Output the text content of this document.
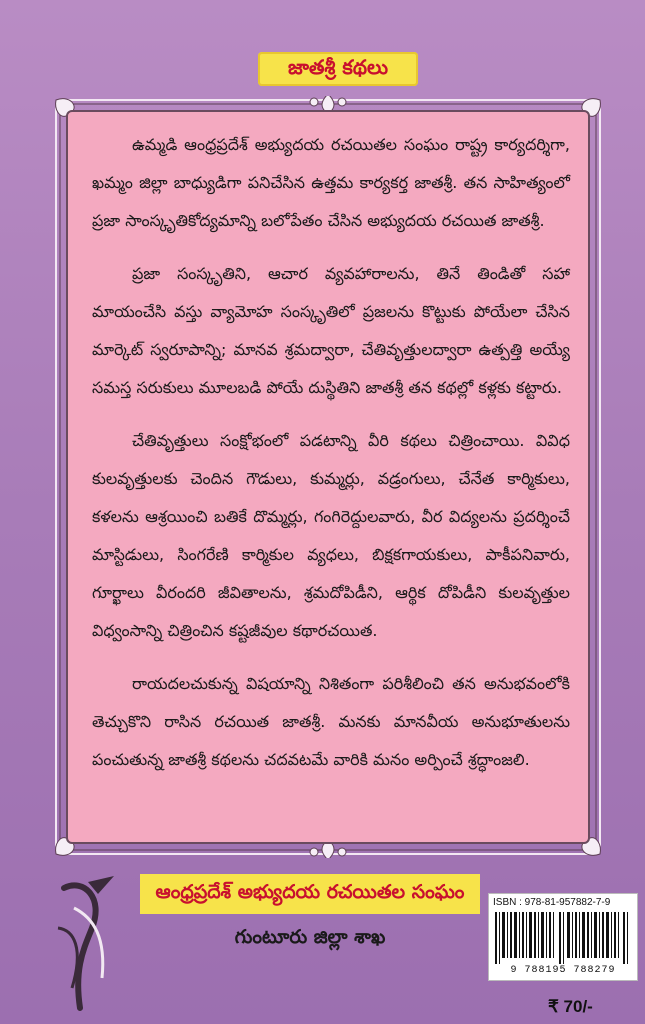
జాతశ్రీ కథలు

ఉమ్మడి ఆంధ్రప్రదేశ్ అభ్యుదయ రచయితల సంఘం రాష్ట్ర కార్యదర్శిగా, ఖమ్మం జిల్లా బాధ్యుడిగా పనిచేసిన ఉత్తమ కార్యకర్త జాతశ్రీ. తన సాహిత్యంలో ప్రజా సాంస్కృతికోద్యమాన్ని బలోపేతం చేసిన అభ్యుదయ రచయిత జాతశ్రీ.

ప్రజా సంస్కృతిని, ఆచార వ్యవహారాలను, తినే తిండితో సహా మాయంచేసి వస్తు వ్యామోహ సంస్కృతిలో ప్రజలను కొట్టుకు పోయేలా చేసిన మార్కెట్ స్వరూపాన్ని; మానవ శ్రమద్వారా, చేతివృత్తులద్వారా ఉత్పత్తి అయ్యే సమస్త సరుకులు మూలబడి పోయే దుస్థితిని జాతశ్రీ తన కథల్లో కళ్లకు కట్టారు.

చేతివృత్తులు సంక్షోభంలో పడటాన్ని వీరి కథలు చిత్రించాయి. వివిధ కులవృత్తులకు చెందిన గౌడులు, కుమ్మర్లు, వడ్రంగులు, చేనేత కార్మికులు, కళలను ఆశ్రయించి బతికే దొమ్మర్లు, గంగిరెద్దులవారు, వీర విద్యలను ప్రదర్శించే మాస్టిడులు, సింగరేణి కార్మికుల వ్యధలు, బిక్షకగాయకులు, పాకీపనివారు, గూర్ఖాలు వీరందరి జీవితాలను, శ్రమదోపిడీని, ఆర్థిక దోపిడీని కులవృత్తుల విధ్వంసాన్ని చిత్రించిన కష్టజీవుల కథారచయిత.

రాయదలచుకున్న విషయాన్ని నిశితంగా పరిశీలించి తన అనుభవంలోకి తెచ్చుకొని రాసిన రచయిత జాతశ్రీ. మనకు మానవీయ అనుభూతులను పంచుతున్న జాతశ్రీ కథలను చదవటమే వారికి మనం అర్పించే శ్రద్ధాంజలి.

ఆంధ్రప్రదేశ్ అభ్యుదయ రచయితల సంఘం
గుంటూరు జిల్లా శాఖ
ISBN : 978-81-957882-7-9
9 788195 788279
₹ 70/-
